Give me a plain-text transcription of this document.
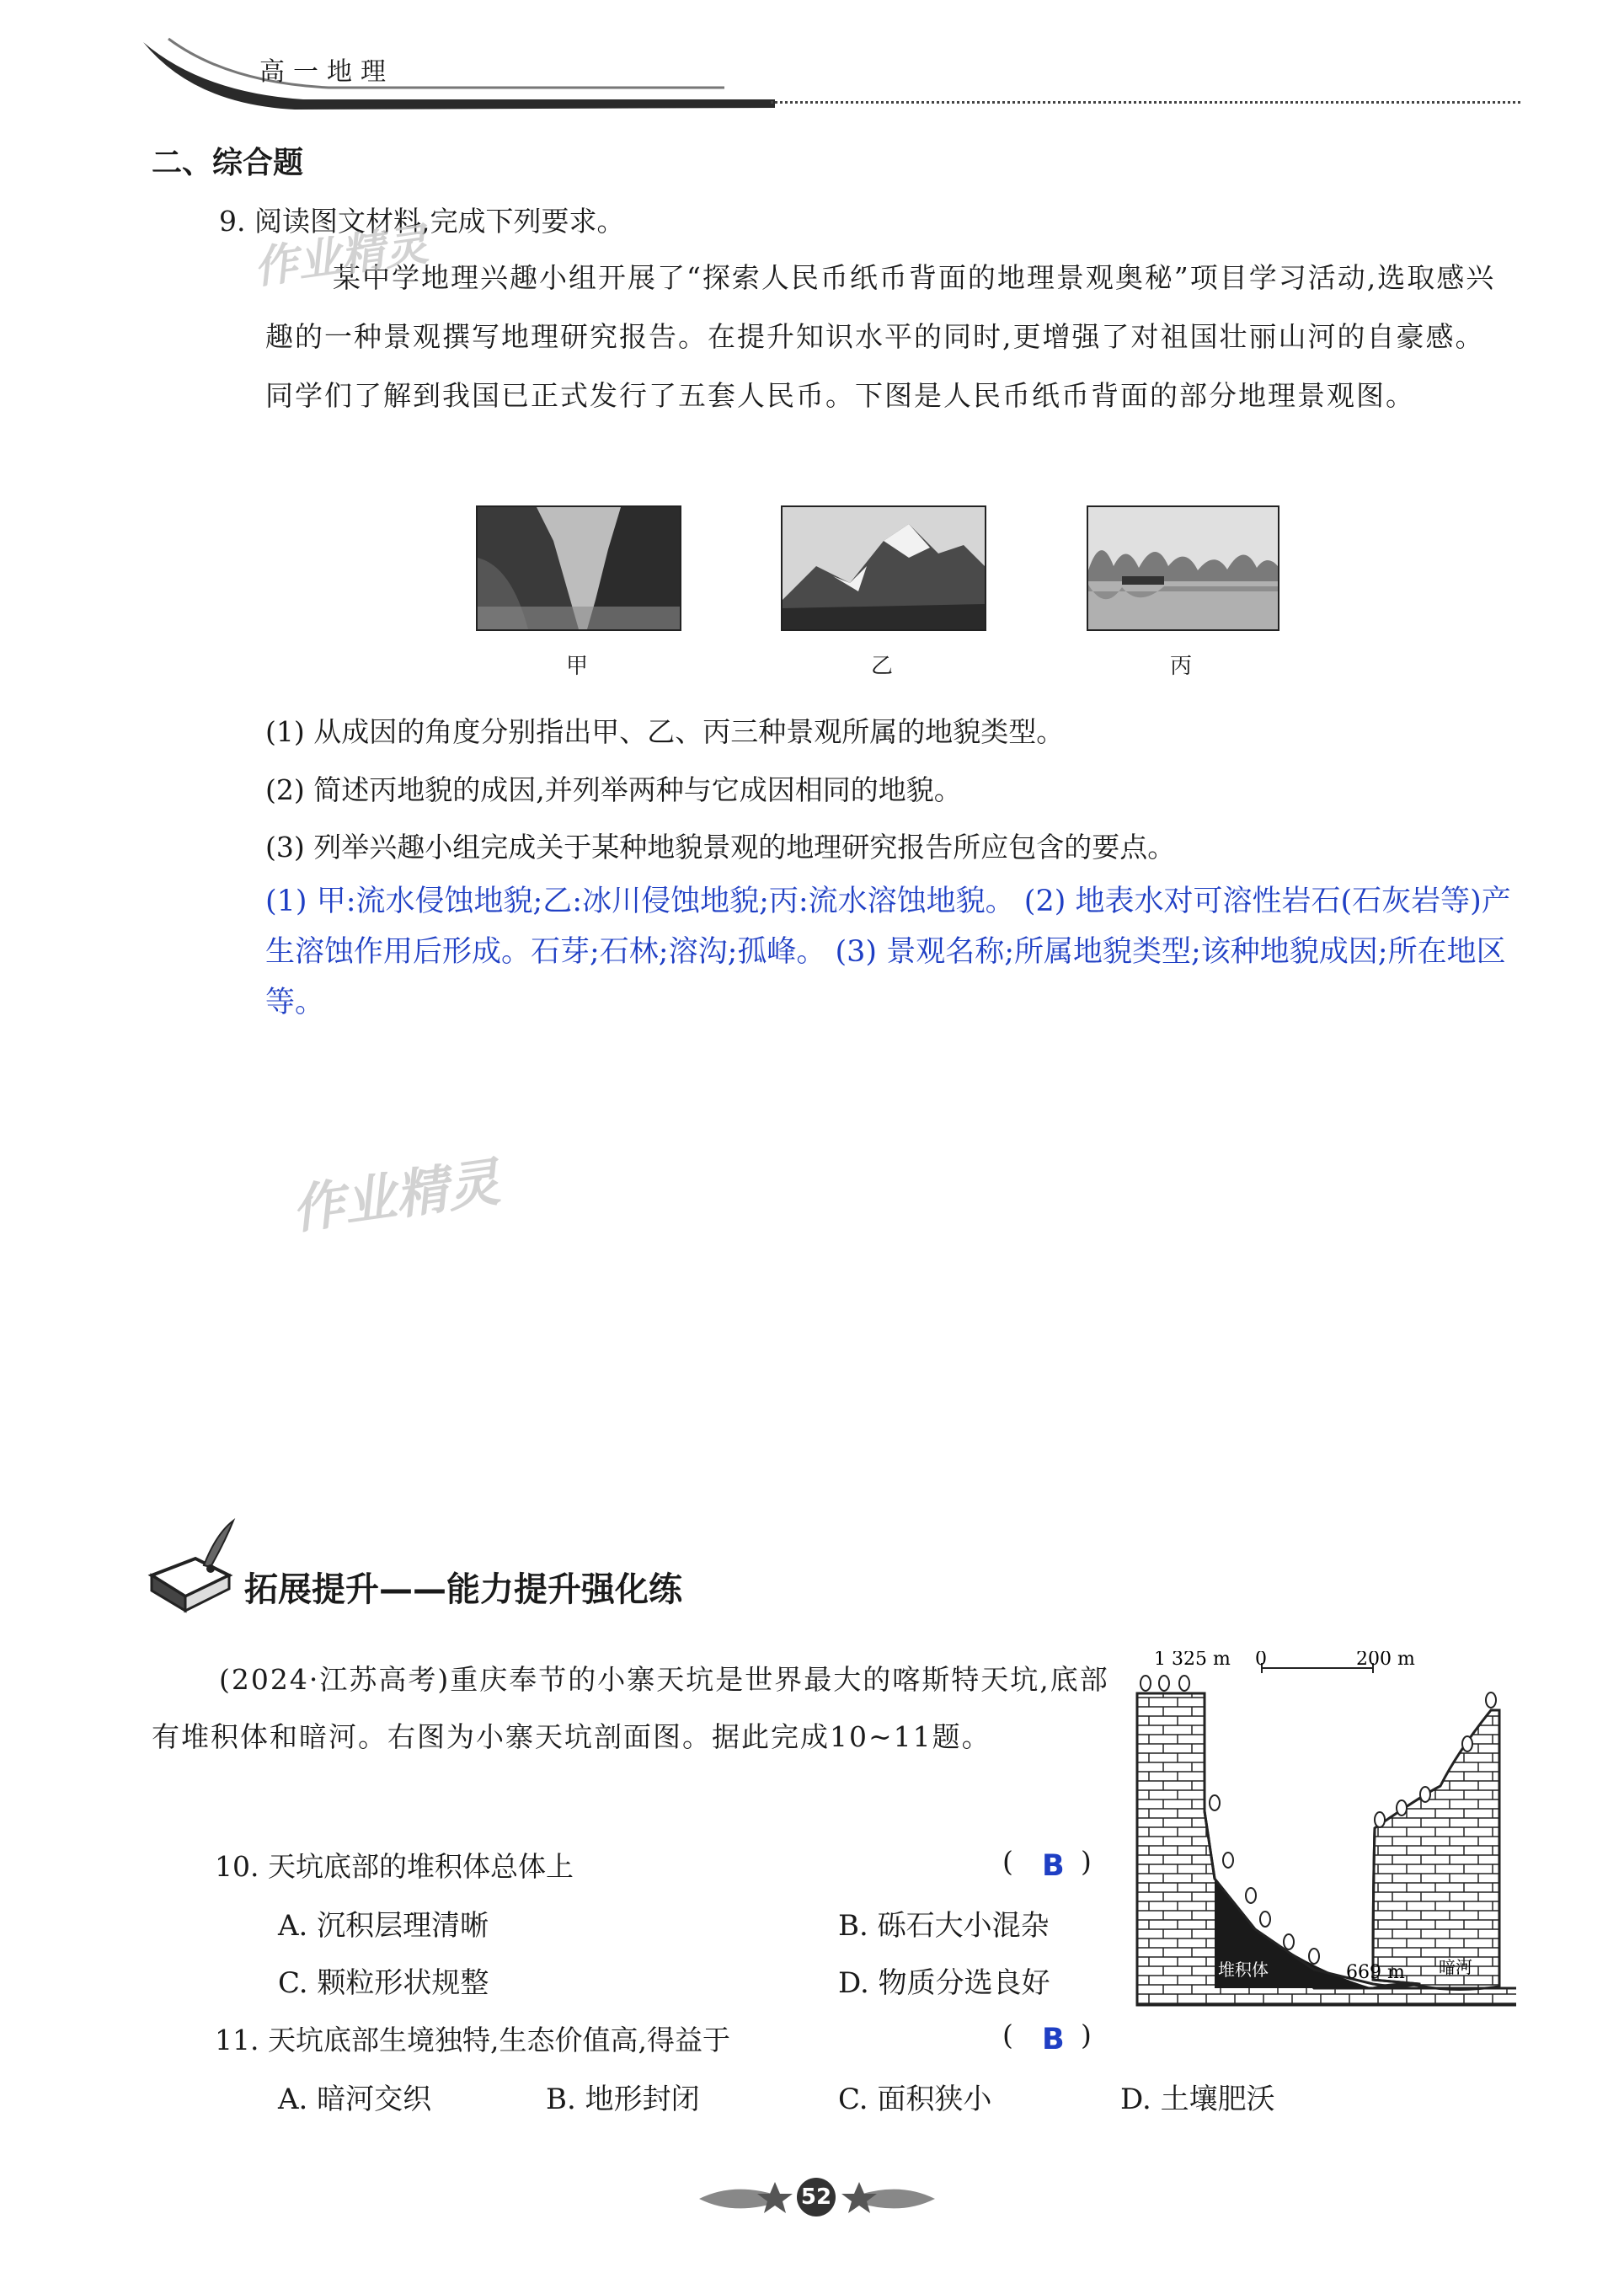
高一地理
二、综合题
9. 阅读图文材料,完成下列要求。
某中学地理兴趣小组开展了“探索人民币纸币背面的地理景观奥秘”项目学习活动,选取感兴趣的一种景观撰写地理研究报告。在提升知识水平的同时,更增强了对祖国壮丽山河的自豪感。同学们了解到我国已正式发行了五套人民币。下图是人民币纸币背面的部分地理景观图。
作业精灵
甲	乙	丙
(1) 从成因的角度分别指出甲、乙、丙三种景观所属的地貌类型。
(2) 简述丙地貌的成因,并列举两种与它成因相同的地貌。
(3) 列举兴趣小组完成关于某种地貌景观的地理研究报告所应包含的要点。
(1) 甲:流水侵蚀地貌;乙:冰川侵蚀地貌;丙:流水溶蚀地貌。 (2) 地表水对可溶性岩石(石灰岩等)产生溶蚀作用后形成。石芽;石林;溶沟;孤峰。 (3) 景观名称;所属地貌类型;该种地貌成因;所在地区等。
作业精灵
拓展提升——能力提升强化练
(2024·江苏高考)重庆奉节的小寨天坑是世界最大的喀斯特天坑,底部有堆积体和暗河。右图为小寨天坑剖面图。据此完成10~11题。
10. 天坑底部的堆积体总体上	( B )
A. 沉积层理清晰	B. 砾石大小混杂
C. 颗粒形状规整	D. 物质分选良好
11. 天坑底部生境独特,生态价值高,得益于	( B )
A. 暗河交织	B. 地形封闭	C. 面积狭小	D. 土壤肥沃
1 325 m 0	200 m
堆积体	669 m 暗河
52
